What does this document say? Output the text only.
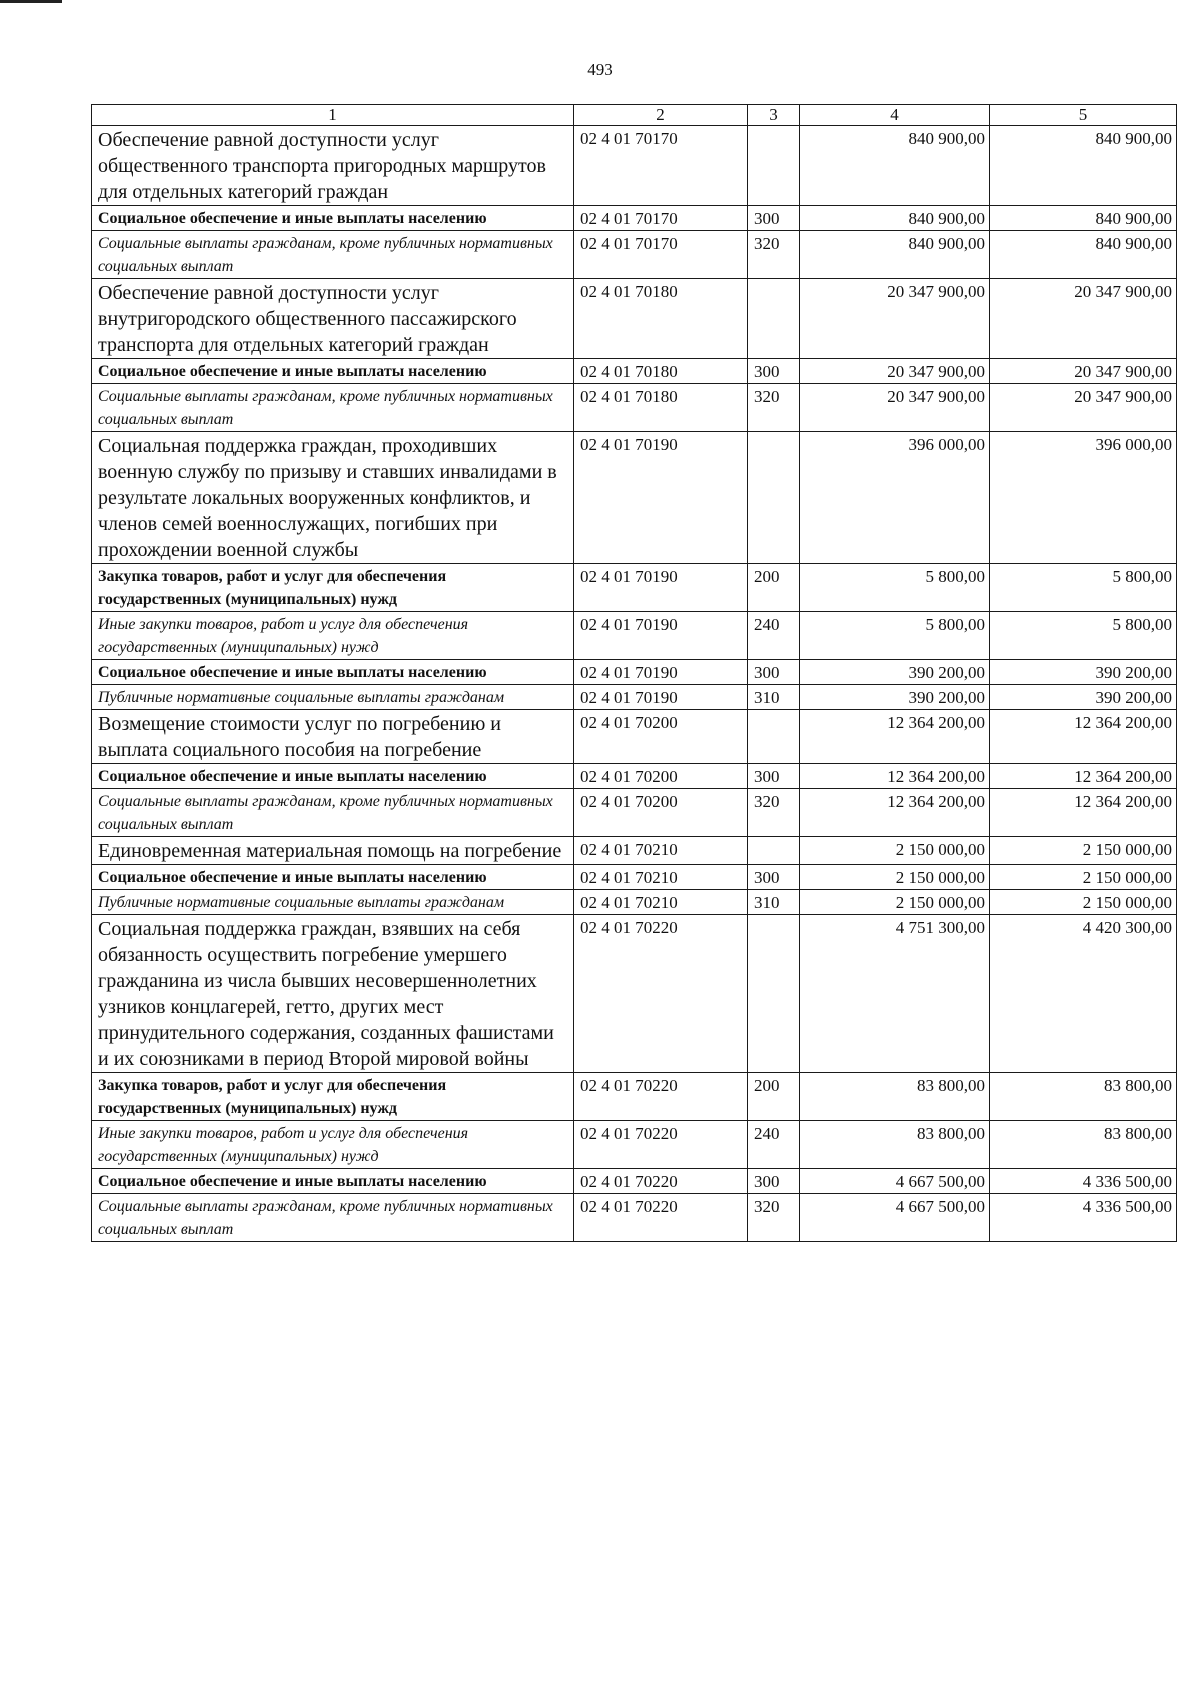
493
1	2	3	4	5
Обеспечение равной доступности услуг общественного транспорта пригородных маршрутов для отдельных категорий граждан	02 4 01 70170		840 900,00	840 900,00
Социальное обеспечение и иные выплаты населению	02 4 01 70170	300	840 900,00	840 900,00
Социальные выплаты гражданам, кроме публичных нормативных социальных выплат	02 4 01 70170	320	840 900,00	840 900,00
Обеспечение равной доступности услуг внутригородского общественного пассажирского транспорта для отдельных категорий граждан	02 4 01 70180		20 347 900,00	20 347 900,00
Социальное обеспечение и иные выплаты населению	02 4 01 70180	300	20 347 900,00	20 347 900,00
Социальные выплаты гражданам, кроме публичных нормативных социальных выплат	02 4 01 70180	320	20 347 900,00	20 347 900,00
Социальная поддержка граждан, проходивших военную службу по призыву и ставших инвалидами в результате локальных вооруженных конфликтов, и членов семей военнослужащих, погибших при прохождении военной службы	02 4 01 70190		396 000,00	396 000,00
Закупка товаров, работ и услуг для обеспечения государственных (муниципальных) нужд	02 4 01 70190	200	5 800,00	5 800,00
Иные закупки товаров, работ и услуг для обеспечения государственных (муниципальных) нужд	02 4 01 70190	240	5 800,00	5 800,00
Социальное обеспечение и иные выплаты населению	02 4 01 70190	300	390 200,00	390 200,00
Публичные нормативные социальные выплаты гражданам	02 4 01 70190	310	390 200,00	390 200,00
Возмещение стоимости услуг по погребению и выплата социального пособия на погребение	02 4 01 70200		12 364 200,00	12 364 200,00
Социальное обеспечение и иные выплаты населению	02 4 01 70200	300	12 364 200,00	12 364 200,00
Социальные выплаты гражданам, кроме публичных нормативных социальных выплат	02 4 01 70200	320	12 364 200,00	12 364 200,00
Единовременная материальная помощь на погребение	02 4 01 70210		2 150 000,00	2 150 000,00
Социальное обеспечение и иные выплаты населению	02 4 01 70210	300	2 150 000,00	2 150 000,00
Публичные нормативные социальные выплаты гражданам	02 4 01 70210	310	2 150 000,00	2 150 000,00
Социальная поддержка граждан, взявших на себя обязанность осуществить погребение умершего гражданина из числа бывших несовершеннолетних узников концлагерей, гетто, других мест принудительного содержания, созданных фашистами и их союзниками в период Второй мировой войны	02 4 01 70220		4 751 300,00	4 420 300,00
Закупка товаров, работ и услуг для обеспечения государственных (муниципальных) нужд	02 4 01 70220	200	83 800,00	83 800,00
Иные закупки товаров, работ и услуг для обеспечения государственных (муниципальных) нужд	02 4 01 70220	240	83 800,00	83 800,00
Социальное обеспечение и иные выплаты населению	02 4 01 70220	300	4 667 500,00	4 336 500,00
Социальные выплаты гражданам, кроме публичных нормативных социальных выплат	02 4 01 70220	320	4 667 500,00	4 336 500,00
